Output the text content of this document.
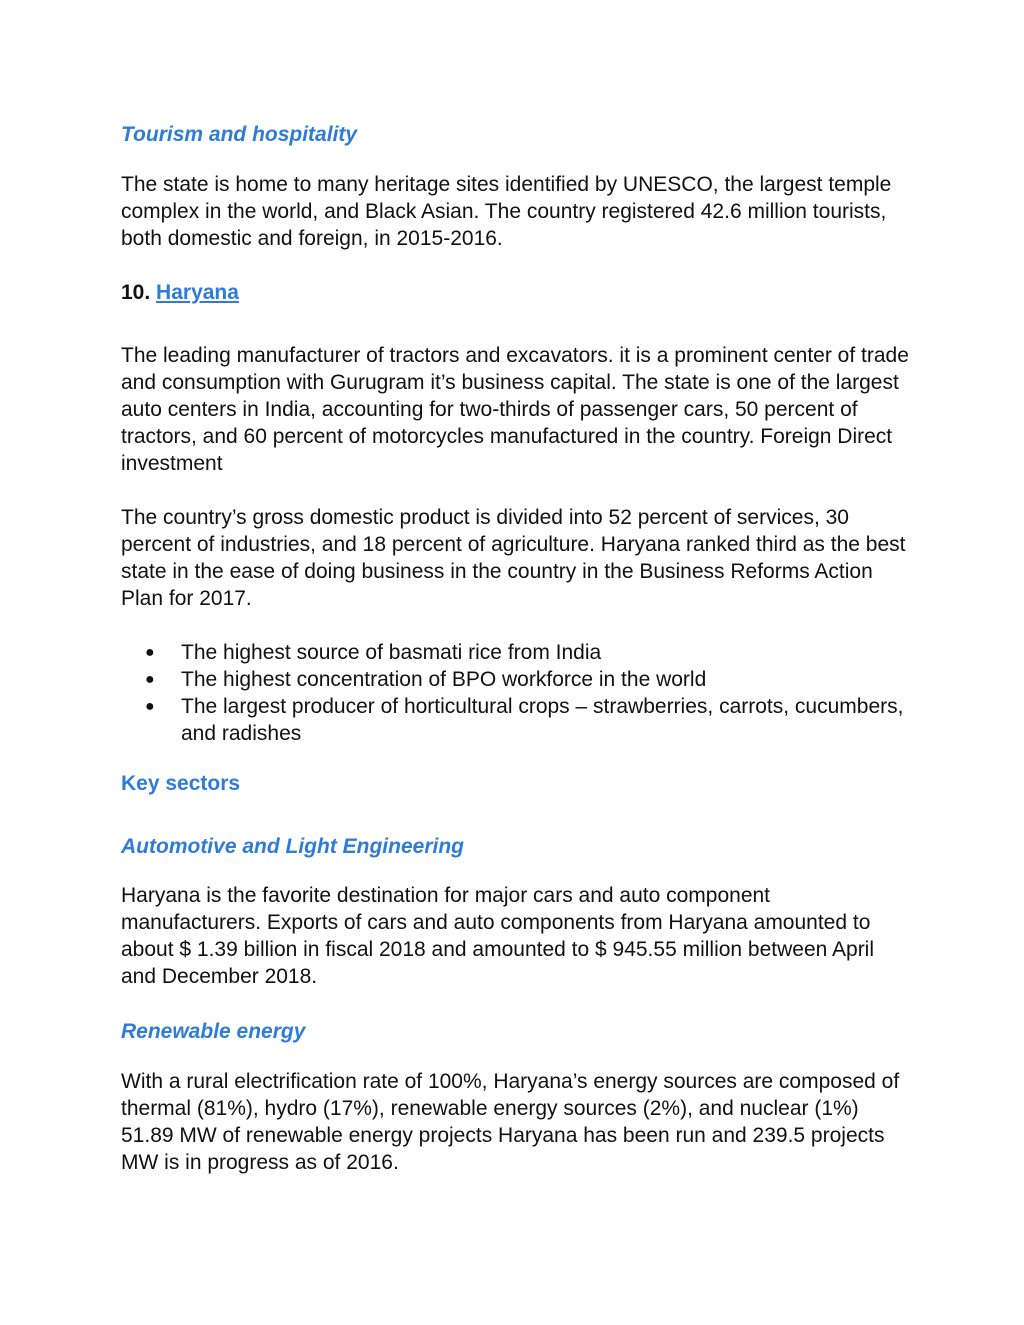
Tourism and hospitality

The state is home to many heritage sites identified by UNESCO, the largest temple complex in the world, and Black Asian. The country registered 42.6 million tourists, both domestic and foreign, in 2015-2016.

10. Haryana

The leading manufacturer of tractors and excavators. it is a prominent center of trade and consumption with Gurugram it’s business capital. The state is one of the largest auto centers in India, accounting for two-thirds of passenger cars, 50 percent of tractors, and 60 percent of motorcycles manufactured in the country. Foreign Direct investment

The country’s gross domestic product is divided into 52 percent of services, 30 percent of industries, and 18 percent of agriculture. Haryana ranked third as the best state in the ease of doing business in the country in the Business Reforms Action Plan for 2017.

● The highest source of basmati rice from India
● The highest concentration of BPO workforce in the world
● The largest producer of horticultural crops – strawberries, carrots, cucumbers, and radishes
Key sectors
Automotive and Light Engineering

Haryana is the favorite destination for major cars and auto component manufacturers. Exports of cars and auto components from Haryana amounted to about $ 1.39 billion in fiscal 2018 and amounted to $ 945.55 million between April and December 2018.

Renewable energy

With a rural electrification rate of 100%, Haryana’s energy sources are composed of thermal (81%), hydro (17%), renewable energy sources (2%), and nuclear (1%) 51.89 MW of renewable energy projects Haryana has been run and 239.5 projects MW is in progress as of 2016.
